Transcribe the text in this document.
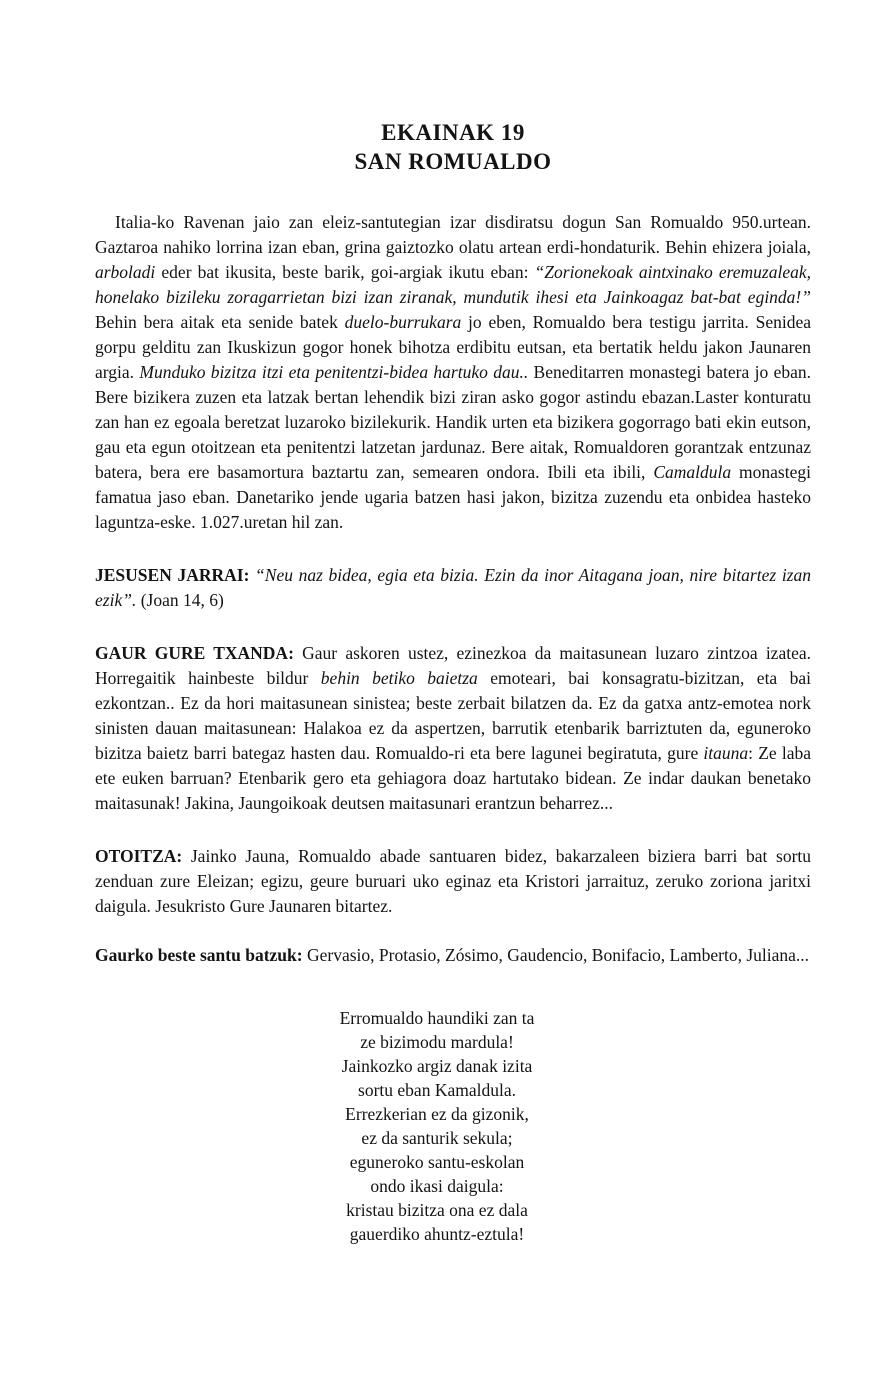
EKAINAK 19
SAN ROMUALDO

Italia-ko Ravenan jaio zan eleiz-santutegian izar disdiratsu dogun San Romualdo 950.urtean. Gaztaroa nahiko lorrina izan eban, grina gaiztozko olatu artean erdi-hondaturik. Behin ehizera joiala, arboladi eder bat ikusita, beste barik, goi-argiak ikutu eban: “Zorionekoak aintxinako eremuzaleak, honelako bizileku zoragarrietan bizi izan ziranak, mundutik ihesi eta Jainkoagaz bat-bat eginda!” Behin bera aitak eta senide batek duelo-burrukara jo eben, Romualdo bera testigu jarrita. Senidea gorpu gelditu zan Ikuskizun gogor honek bihotza erdibitu eutsan, eta bertatik heldu jakon Jaunaren argia. Munduko bizitza itzi eta penitentzi-bidea hartuko dau.. Beneditarren monastegi batera jo eban. Bere bizikera zuzen eta latzak bertan lehendik bizi ziran asko gogor astindu ebazan.Laster konturatu zan han ez egoala beretzat luzaroko bizilekurik. Handik urten eta bizikera gogorrago bati ekin eutson, gau eta egun otoitzean eta penitentzi latzetan jardunaz. Bere aitak, Romualdoren gorantzak entzunaz batera, bera ere basamortura baztartu zan, semearen ondora. Ibili eta ibili, Camaldula monastegi famatua jaso eban. Danetariko jende ugaria batzen hasi jakon, bizitza zuzendu eta onbidea hasteko laguntza-eske. 1.027.uretan hil zan.

JESUSEN JARRAI: “Neu naz bidea, egia eta bizia. Ezin da inor Aitagana joan, nire bitartez izan ezik”. (Joan 14, 6)

GAUR GURE TXANDA: Gaur askoren ustez, ezinezkoa da maitasunean luzaro zintzoa izatea. Horregaitik hainbeste bildur behin betiko baietza emoteari, bai konsagratu-bizitzan, eta bai ezkontzan.. Ez da hori maitasunean sinistea; beste zerbait bilatzen da. Ez da gatxa antz-emotea nork sinisten dauan maitasunean: Halakoa ez da aspertzen, barrutik etenbarik barriztuten da, eguneroko bizitza baietz barri bategaz hasten dau. Romualdo-ri eta bere lagunei begiratuta, gure itauna: Ze laba ete euken barruan? Etenbarik gero eta gehiagora doaz hartutako bidean. Ze indar daukan benetako maitasunak! Jakina, Jaungoikoak deutsen maitasunari erantzun beharrez...

OTOITZA: Jainko Jauna, Romualdo abade santuaren bidez, bakarzaleen biziera barri bat sortu zenduan zure Eleizan; egizu, geure buruari uko eginaz eta Kristori jarraituz, zeruko zoriona jaritxi daigula. Jesukristo Gure Jaunaren bitartez.

Gaurko beste santu batzuk: Gervasio, Protasio, Zósimo, Gaudencio, Bonifacio, Lamberto, Juliana...

Erromualdo haundiki zan ta
ze bizimodu mardula!
Jainkozko argiz danak izita
sortu eban Kamaldula.
Errezkerian ez da gizonik,
ez da santurik sekula;
eguneroko santu-eskolan
ondo ikasi daigula:
kristau bizitza ona ez dala
gauerdiko ahuntz-eztula!
